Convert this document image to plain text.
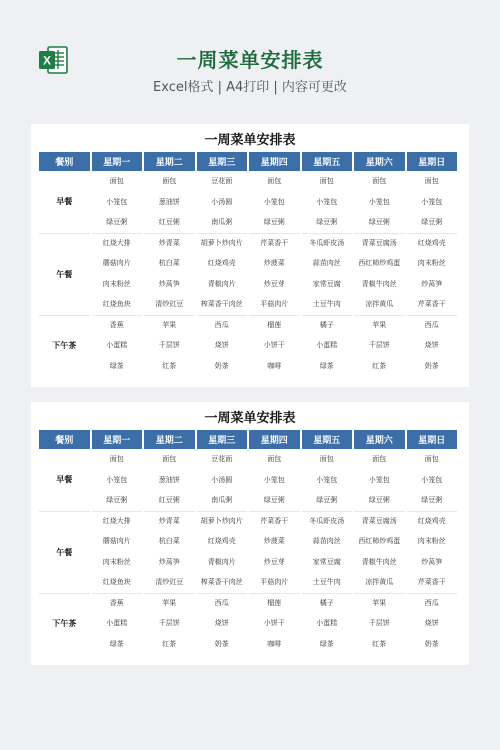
X	一周菜单安排表
Excel格式 | A4打印 | 内容可更改
一周菜单安排表
餐别	星期一	星期二	星期三	星期四	星期五	星期六	星期日
早餐	面包	面包	豆花面	面包	面包	面包	面包
	小笼包	葱油饼	小汤圆	小笼包	小笼包	小笼包	小笼包
	绿豆粥	红豆粥	南瓜粥	绿豆粥	绿豆粥	绿豆粥	绿豆粥
午餐	红烧大排	炒青菜	胡萝卜炒肉片	芹菜香干	冬瓜虾皮汤	青菜豆腐汤	红烧鸡壳
	蘑菇肉片	杭白菜	红烧鸡壳	炒菠菜	蒜苗肉丝	西红柿炒鸡蛋	肉末粉丝
	肉末粉丝	炒莴笋	青椒肉片	炒豆芽	家常豆腐	青椒牛肉丝	炒莴笋
	红烧鱼块	清炒豇豆	榨菜香干肉丝	平菇肉片	土豆牛肉	凉拌黄瓜	芹菜香干
下午茶	香蕉	苹果	西瓜	榴莲	橘子	苹果	西瓜
	小蛋糕	千层饼	烧饼	小饼干	小蛋糕	千层饼	烧饼
	绿茶	红茶	奶茶	咖啡	绿茶	红茶	奶茶
一周菜单安排表
餐别	星期一	星期二	星期三	星期四	星期五	星期六	星期日
早餐	面包	面包	豆花面	面包	面包	面包	面包
	小笼包	葱油饼	小汤圆	小笼包	小笼包	小笼包	小笼包
	绿豆粥	红豆粥	南瓜粥	绿豆粥	绿豆粥	绿豆粥	绿豆粥
午餐	红烧大排	炒青菜	胡萝卜炒肉片	芹菜香干	冬瓜虾皮汤	青菜豆腐汤	红烧鸡壳
	蘑菇肉片	杭白菜	红烧鸡壳	炒菠菜	蒜苗肉丝	西红柿炒鸡蛋	肉末粉丝
	肉末粉丝	炒莴笋	青椒肉片	炒豆芽	家常豆腐	青椒牛肉丝	炒莴笋
	红烧鱼块	清炒豇豆	榨菜香干肉丝	平菇肉片	土豆牛肉	凉拌黄瓜	芹菜香干
下午茶	香蕉	苹果	西瓜	榴莲	橘子	苹果	西瓜
	小蛋糕	千层饼	烧饼	小饼干	小蛋糕	千层饼	烧饼
	绿茶	红茶	奶茶	咖啡	绿茶	红茶	奶茶
